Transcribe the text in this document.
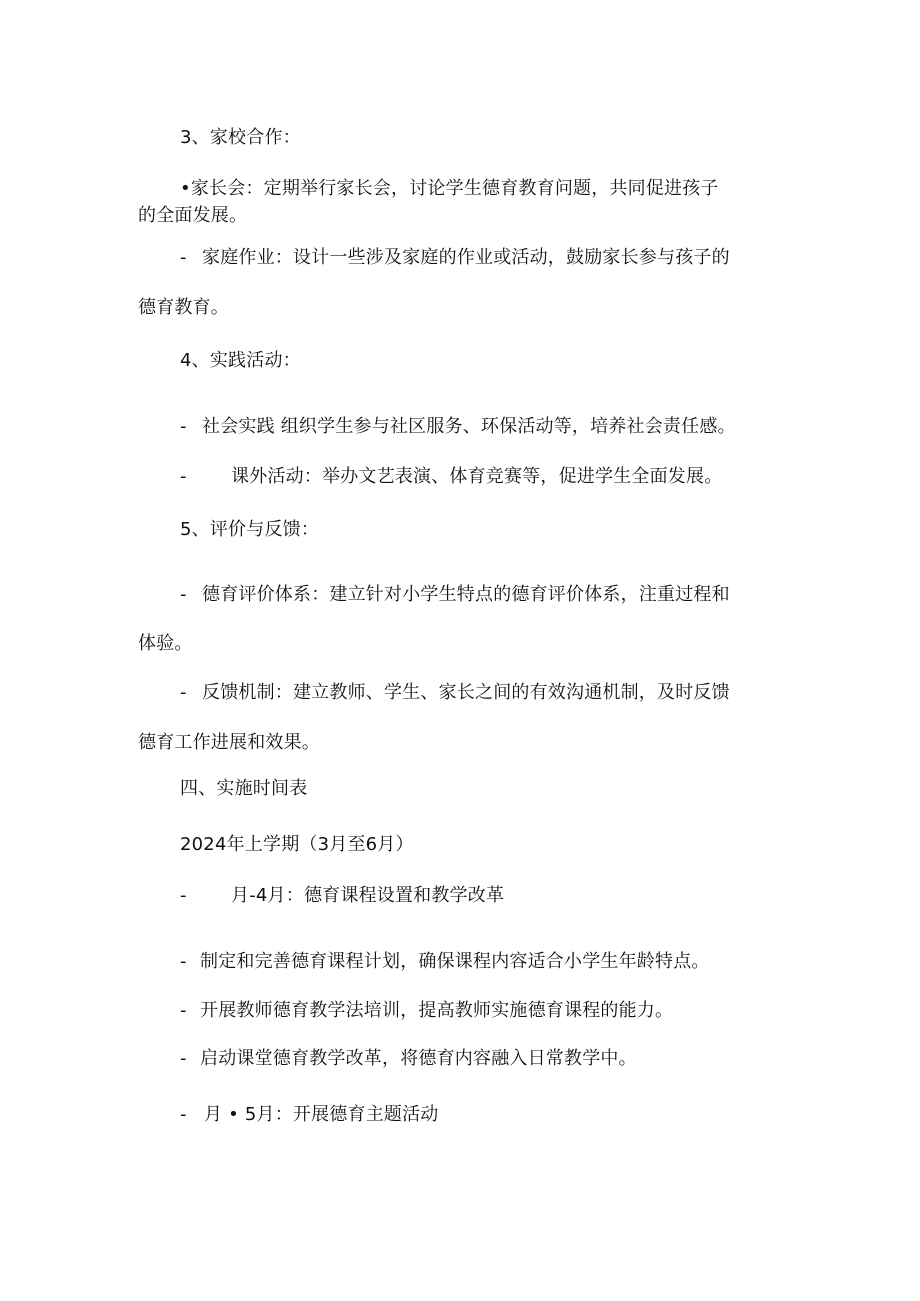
3、家校合作：
•家长会：定期举行家长会，讨论学生德育教育问题，共同促进孩子
的全面发展。
- 家庭作业：设计一些涉及家庭的作业或活动，鼓励家长参与孩子的
德育教育。
4、实践活动：
- 社会实践 组织学生参与社区服务、环保活动等，培养社会责任感。
- 课外活动：举办文艺表演、体育竞赛等，促进学生全面发展。
5、评价与反馈：
- 德育评价体系：建立针对小学生特点的德育评价体系，注重过程和
体验。
- 反馈机制：建立教师、学生、家长之间的有效沟通机制，及时反馈
德育工作进展和效果。
四、实施时间表
2024年上学期（3月至6月）
- 月-4月：德育课程设置和教学改革
- 制定和完善德育课程计划，确保课程内容适合小学生年龄特点。
- 开展教师德育教学法培训，提高教师实施德育课程的能力。
- 启动课堂德育教学改革，将德育内容融入日常教学中。
- 月 • 5月：开展德育主题活动
